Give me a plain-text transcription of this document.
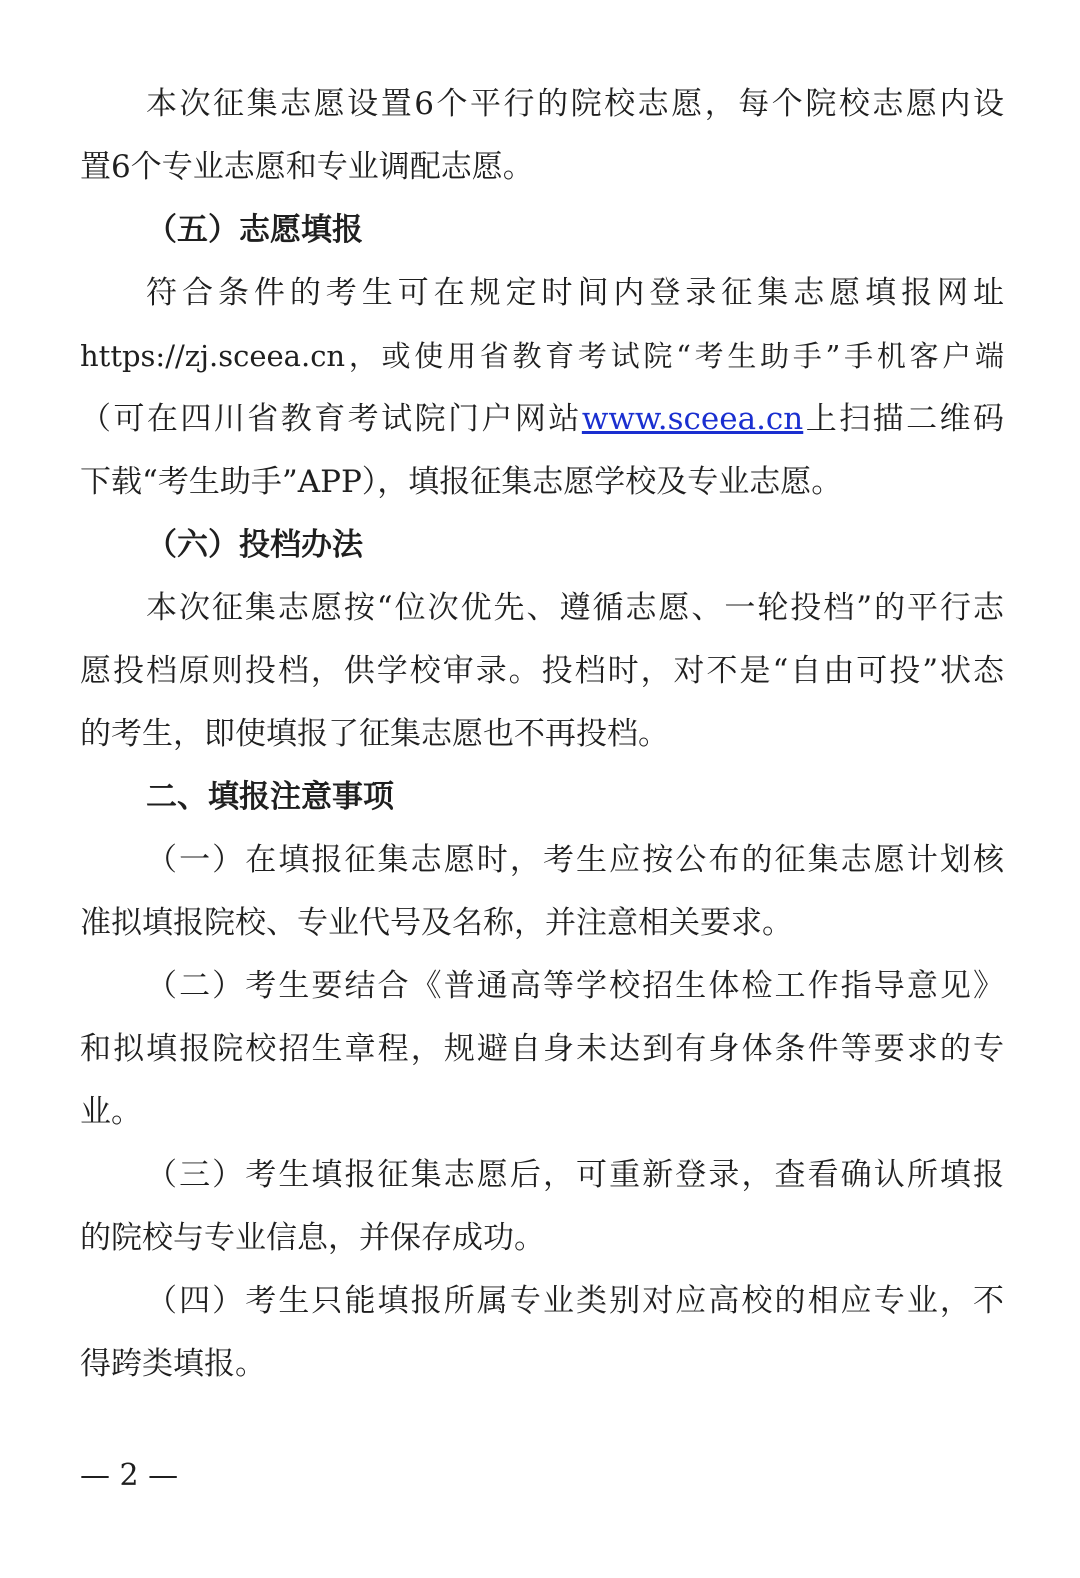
本次征集志愿设置6个平行的院校志愿，每个院校志愿内设
置6个专业志愿和专业调配志愿。
（五）志愿填报
符合条件的考生可在规定时间内登录征集志愿填报网址
https://zj.sceea.cn，或使用省教育考试院“考生助手”手机客户端
（可在四川省教育考试院门户网站www.sceea.cn上扫描二维码
下载“考生助手”APP），填报征集志愿学校及专业志愿。
（六）投档办法
本次征集志愿按“位次优先、遵循志愿、一轮投档”的平行志
愿投档原则投档，供学校审录。投档时，对不是“自由可投”状态
的考生，即使填报了征集志愿也不再投档。
二、填报注意事项
（一）在填报征集志愿时，考生应按公布的征集志愿计划核
准拟填报院校、专业代号及名称，并注意相关要求。
（二）考生要结合《普通高等学校招生体检工作指导意见》
和拟填报院校招生章程，规避自身未达到有身体条件等要求的专
业。
（三）考生填报征集志愿后，可重新登录，查看确认所填报
的院校与专业信息，并保存成功。
（四）考生只能填报所属专业类别对应高校的相应专业，不
得跨类填报。
— 2 —
